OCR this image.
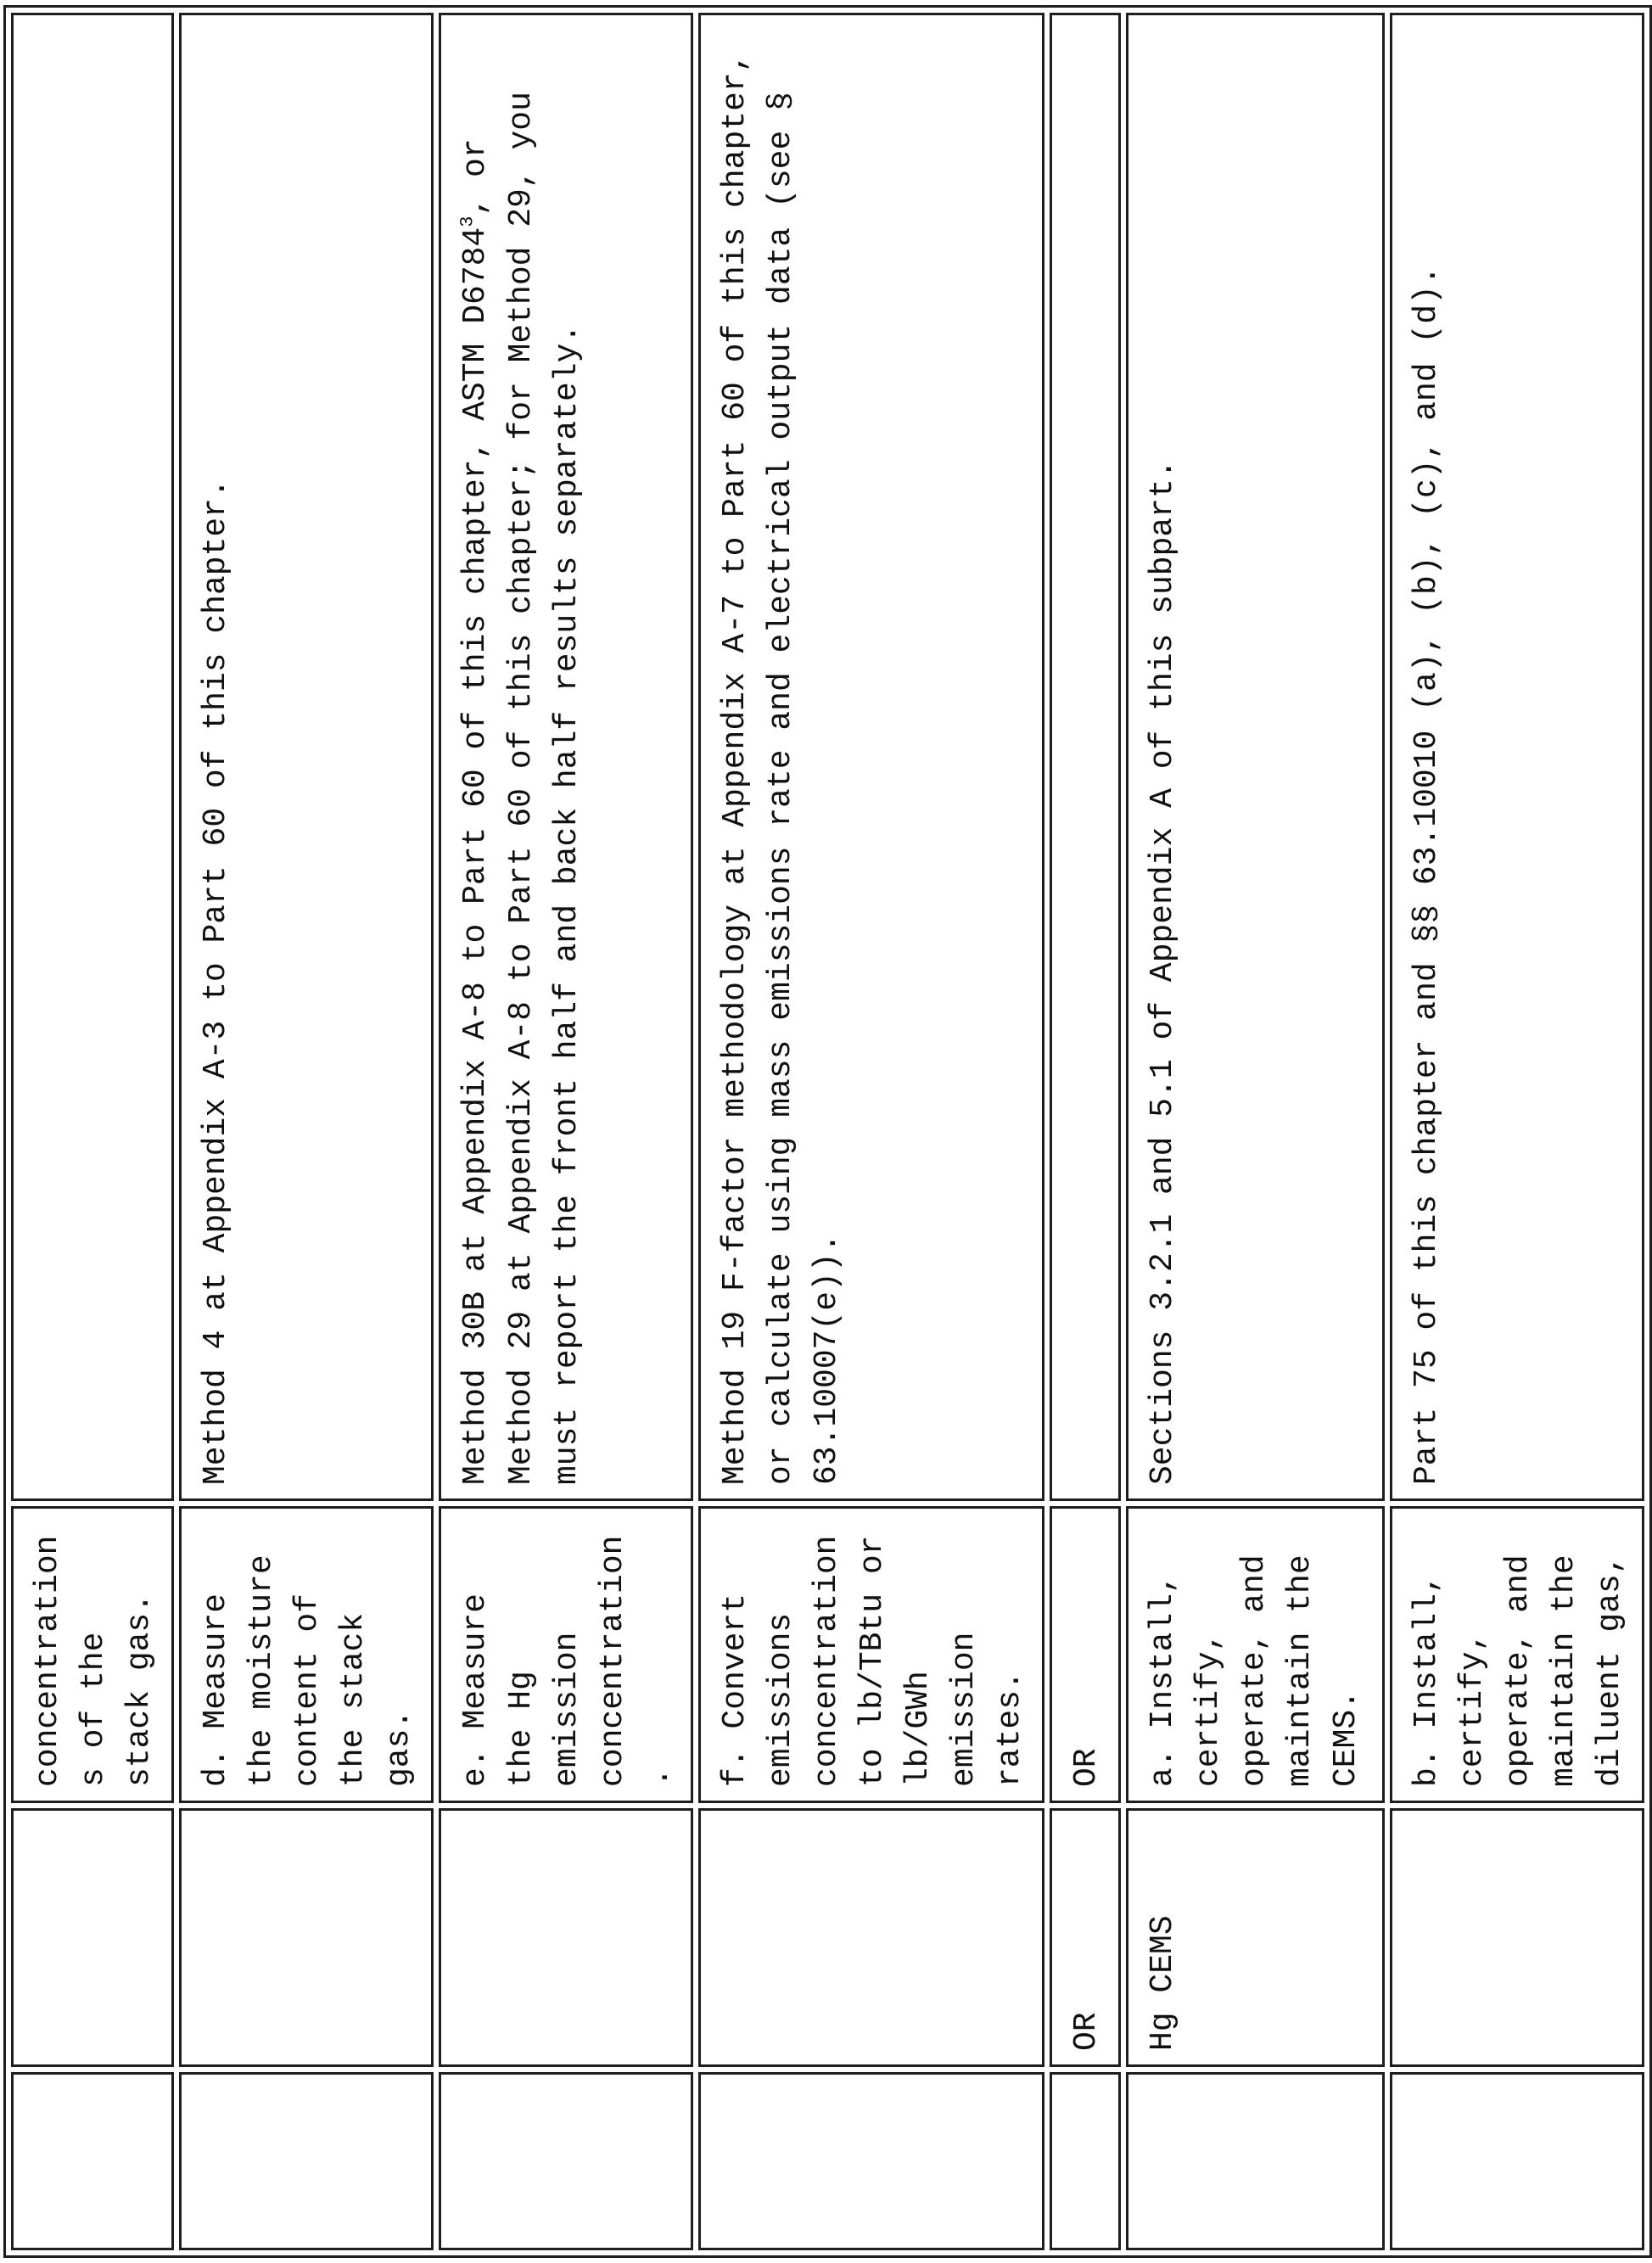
		concentrations of the stack gas.	

		d. Measure the moisture content of the stack gas.	Method 4 at Appendix A-3 to Part 60 of this chapter.

		e. Measure the Hg emission concentration.	Method 30B at Appendix A-8 to Part 60 of this chapter, ASTM D6784$^3$, or Method 29 at Appendix A-8 to Part 60 of this chapter; for Method 29, you must report the front half and back half results separately.

		f. Convert emissions concentration to lb/TBtu or lb/GWh emission rates.	Method 19 F-factor methodology at Appendix A-7 to Part 60 of this chapter, or calculate using mass emissions rate and electrical output data (see § 63.10007(e)).

	OR	OR	

	Hg CEMS	a. Install, certify, operate, and maintain the CEMS.	Sections 3.2.1 and 5.1 of Appendix A of this subpart.

		b. Install, certify, operate, and maintain the diluent gas,	Part 75 of this chapter and §§ 63.10010 (a), (b), (c), and (d).
